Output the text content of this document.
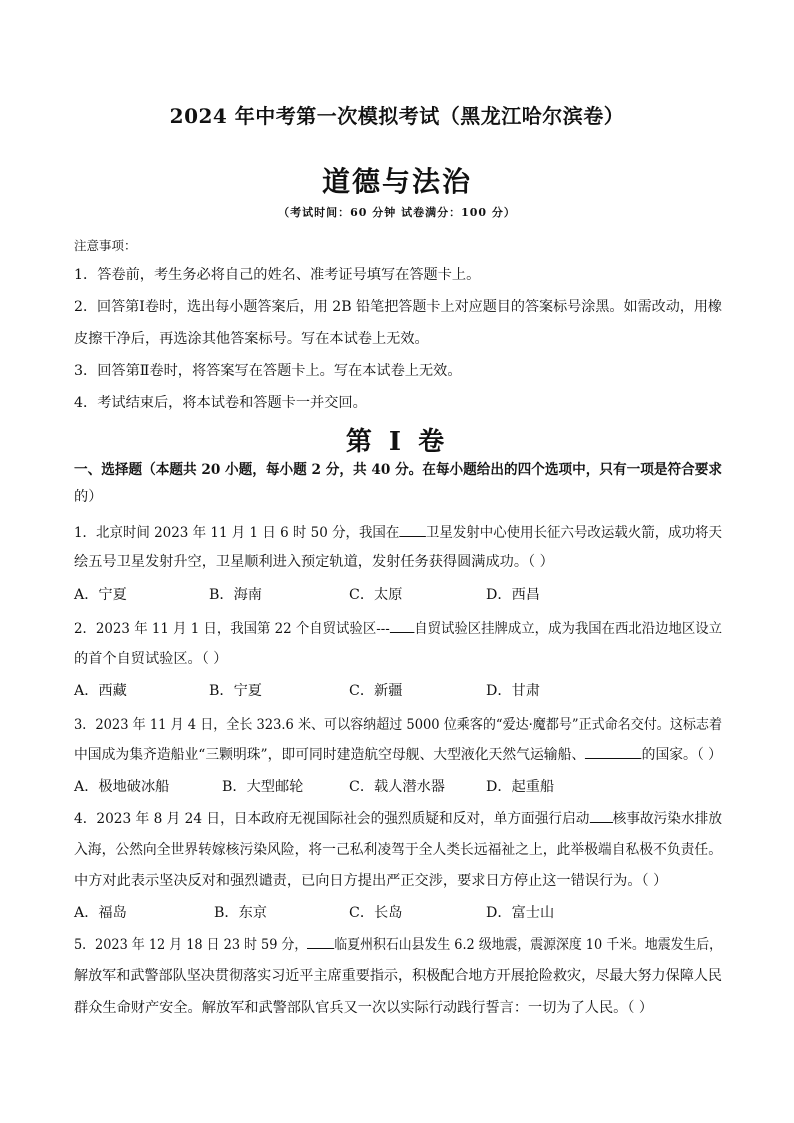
2024 年中考第一次模拟考试（黑龙江哈尔滨卷）
道德与法治
（考试时间：60 分钟 试卷满分：100 分）
注意事项：
1．答卷前，考生务必将自己的姓名、准考证号填写在答题卡上。
2．回答第Ⅰ卷时，选出每小题答案后，用 2B 铅笔把答题卡上对应题目的答案标号涂黑。如需改动，用橡
皮擦干净后，再选涂其他答案标号。写在本试卷上无效。
3．回答第Ⅱ卷时，将答案写在答题卡上。写在本试卷上无效。
4．考试结束后，将本试卷和答题卡一并交回。
第 I 卷
一、选择题（本题共 20 小题，每小题 2 分，共 40 分。在每小题给出的四个选项中，只有一项是符合要求
的）
1．北京时间 2023 年 11 月 1 日 6 时 50 分，我国在 卫星发射中心使用长征六号改运载火箭，成功将天
绘五号卫星发射升空，卫星顺利进入预定轨道，发射任务获得圆满成功。（ ）
A．宁夏	B．海南	C．太原	D．西昌
2．2023 年 11 月 1 日，我国第 22 个自贸试验区--- 自贸试验区挂牌成立，成为我国在西北沿边地区设立
的首个自贸试验区。（ ）
A．西藏	B．宁夏	C．新疆	D．甘肃
3．2023 年 11 月 4 日，全长 323.6 米、可以容纳超过 5000 位乘客的“爱达·魔都号”正式命名交付。这标志着
中国成为集齐造船业“三颗明珠”，即可同时建造航空母舰、大型液化天然气运输船、	的国家。（ ）
A．极地破冰船	B．大型邮轮	C．载人潜水器	D．起重船
4．2023 年 8 月 24 日，日本政府无视国际社会的强烈质疑和反对，单方面强行启动 核事故污染水排放
入海，公然向全世界转嫁核污染风险，将一己私利凌驾于全人类长远福祉之上，此举极端自私极不负责任。
中方对此表示坚决反对和强烈谴责，已向日方提出严正交涉，要求日方停止这一错误行为。（ ）
A．福岛	B．东京	C．长岛	D．富士山
5．2023 年 12 月 18 日 23 时 59 分， 临夏州积石山县发生 6.2 级地震，震源深度 10 千米。地震发生后，
解放军和武警部队坚决贯彻落实习近平主席重要指示，积极配合地方开展抢险救灾，尽最大努力保障人民
群众生命财产安全。解放军和武警部队官兵又一次以实际行动践行誓言：一切为了人民。（ ）
